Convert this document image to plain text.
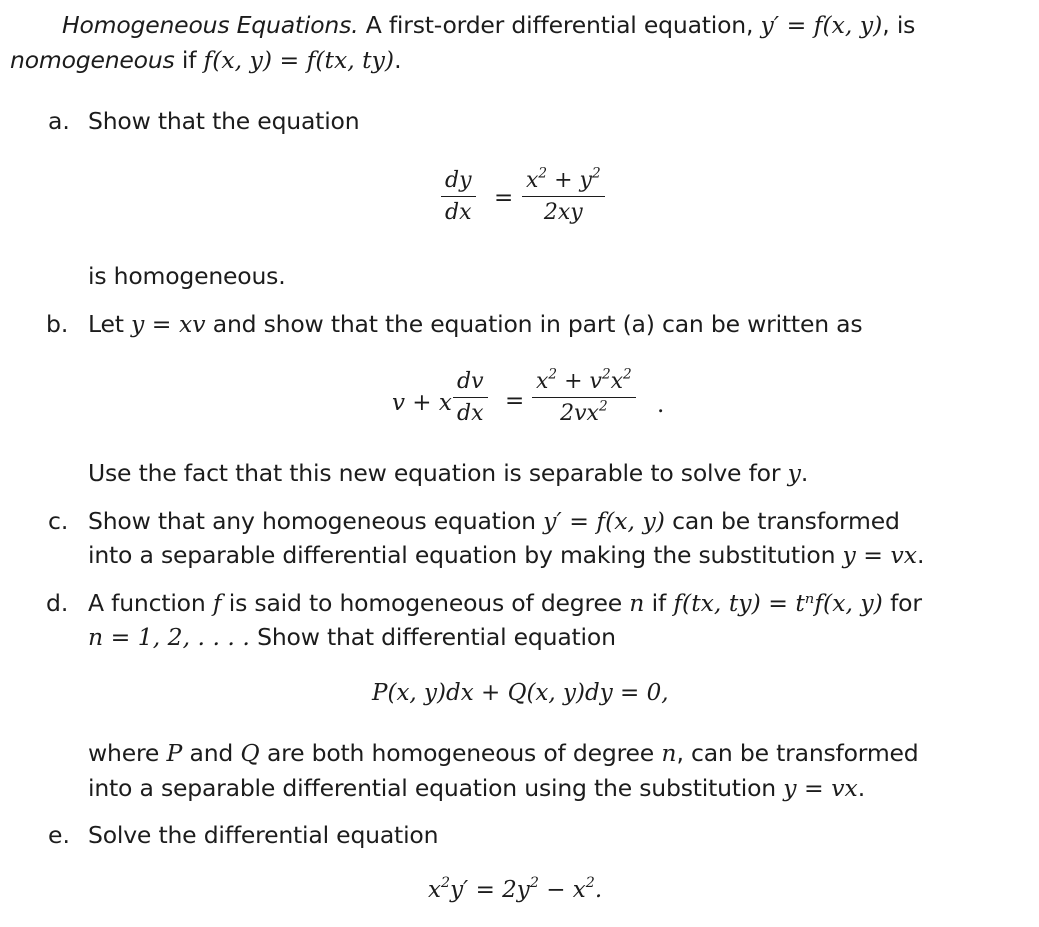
Homogeneous Equations. A first-order differential equation, y′ = f(x, y), is
nomogeneous if f(x, y) = f(tx, ty).
a. Show that the equation
dy
dx
=
$x^2 + y^2$
2xy
is homogeneous.
b. Let y = xv and show that the equation in part (a) can be written as
v + x
dv
dx =
$x^2 + v^2x^2$
$2vx^2$ .
Use the fact that this new equation is separable to solve for y.
c. Show that any homogeneous equation y′ = f(x, y) can be transformed
into a separable differential equation by making the substitution y = vx.
d. A function f is said to homogeneous of degree n if f(tx, ty) = tⁿf(x, y) for
n = 1, 2, . . . . Show that differential equation
P(x, y)dx + Q(x, y)dy = 0,
where P and Q are both homogeneous of degree n, can be transformed
into a separable differential equation using the substitution y = vx.
e. Solve the differential equation
$x^2y' = 2y^2 - x^2$.
